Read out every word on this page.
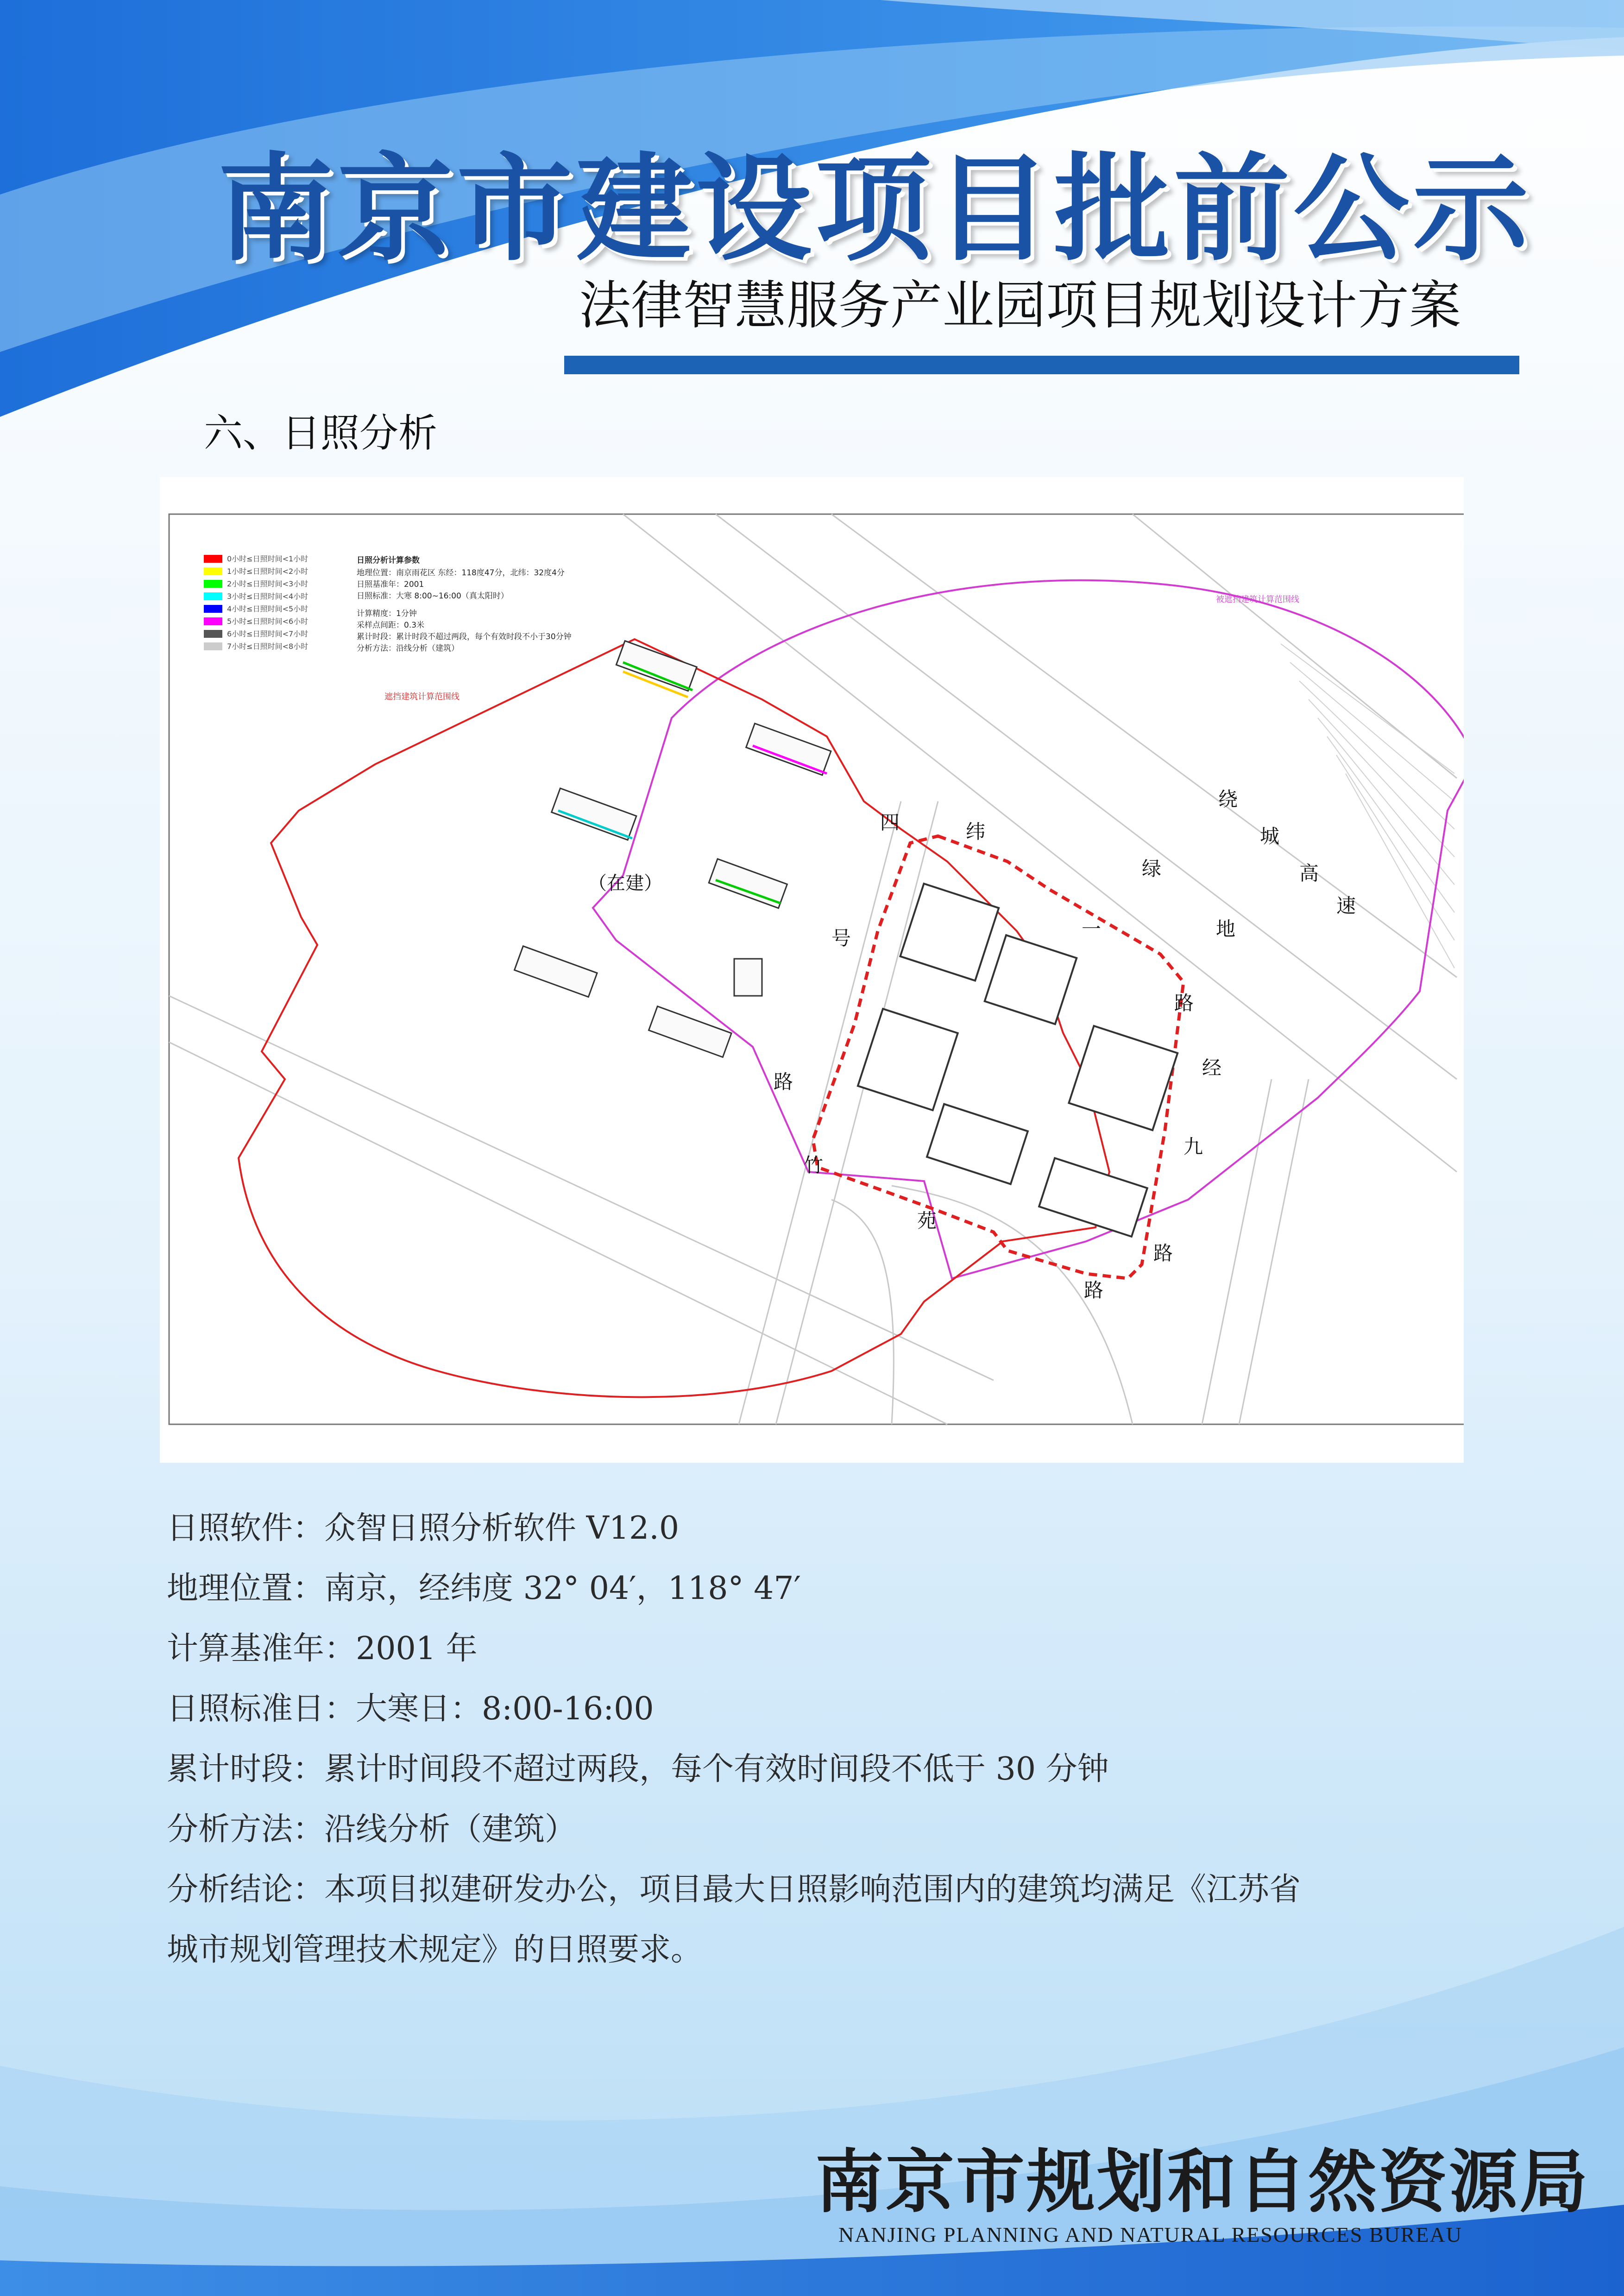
南京市建设项目批前公示
法律智慧服务产业园项目规划设计方案
六、日照分析
0小时≤日照时间<1小时
1小时≤日照时间<2小时
2小时≤日照时间<3小时
3小时≤日照时间<4小时
4小时≤日照时间<5小时
5小时≤日照时间<6小时
6小时≤日照时间<7小时
7小时≤日照时间<8小时
日照分析计算参数
地理位置：南京雨花区 东经：118度47分，北纬：32度4分
日照基准年：2001
日照标准：大寒 8:00~16:00（真太阳时）
计算精度：1分钟
采样点间距：0.3米
累计时段：累计时段不超过两段，每个有效时段不小于30分钟
分析方法：沿线分析（建筑）
遮挡建筑计算范围线
被遮挡建筑计算范围线
（在建）
四	纬
一
路
号
路
竹
苑
路
经
九
路
绿
地
绕
城
高
速
日照软件：众智日照分析软件 V12.0
地理位置：南京，经纬度 32° 04′，118° 47′
计算基准年：2001 年
日照标准日：大寒日：8:00-16:00
累计时段：累计时间段不超过两段，每个有效时间段不低于 30 分钟
分析方法：沿线分析（建筑）
分析结论：本项目拟建研发办公，项目最大日照影响范围内的建筑均满足《江苏省
城市规划管理技术规定》的日照要求。
南京市规划和自然资源局
NANJING PLANNING AND NATURAL RESOURCES BUREAU
